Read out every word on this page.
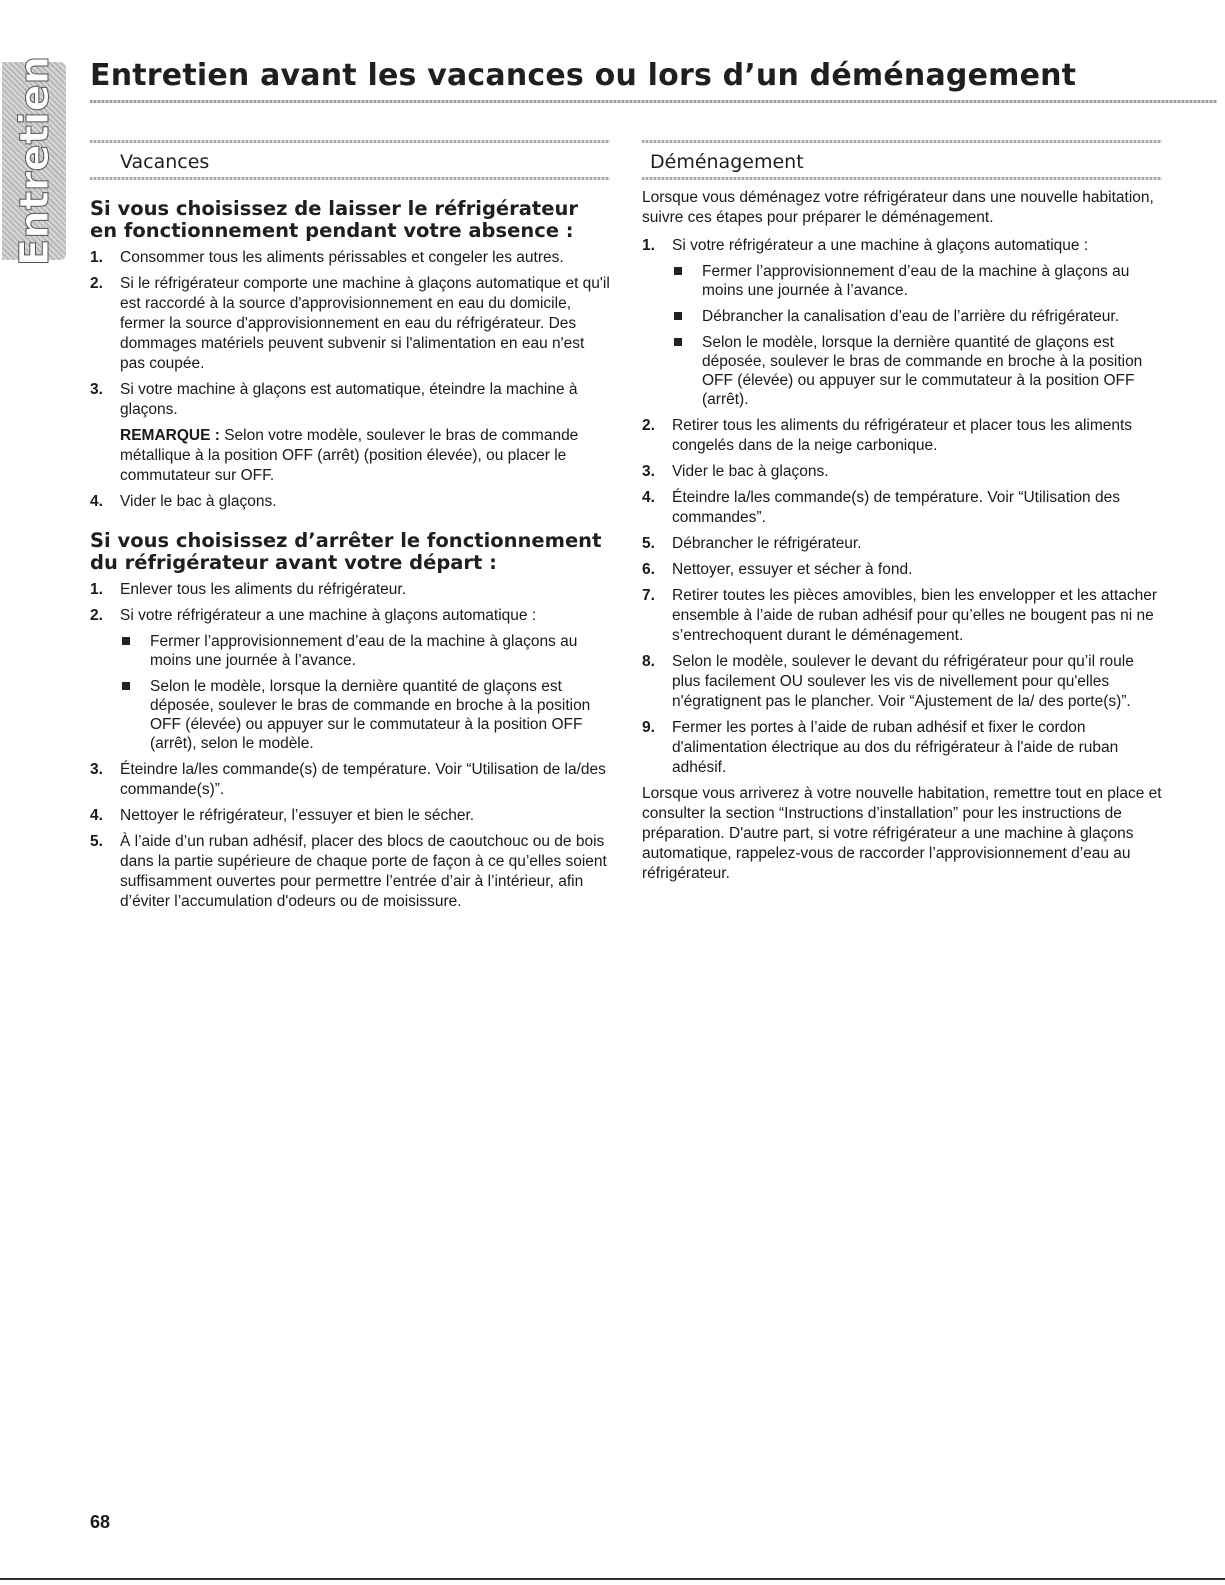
Entretien Entretien avant les vacances ou lors d’un déménagement
Vacances
Si vous choisissez de laisser le réfrigérateur en fonctionnement pendant votre absence :
1. Consommer tous les aliments périssables et congeler les autres.
2. Si le réfrigérateur comporte une machine à glaçons automatique et qu'il est raccordé à la source d'approvisionnement en eau du domicile, fermer la source d'approvisionnement en eau du réfrigérateur. Des dommages matériels peuvent subvenir si l'alimentation en eau n'est pas coupée.
3. Si votre machine à glaçons est automatique, éteindre la machine à glaçons.
REMARQUE : Selon votre modèle, soulever le bras de commande métallique à la position OFF (arrêt) (position élevée), ou placer le commutateur sur OFF.
4. Vider le bac à glaçons.
Si vous choisissez d’arrêter le fonctionnement du réfrigérateur avant votre départ :
1. Enlever tous les aliments du réfrigérateur.
2. Si votre réfrigérateur a une machine à glaçons automatique :
Fermer l’approvisionnement d’eau de la machine à glaçons au moins une journée à l’avance.
Selon le modèle, lorsque la dernière quantité de glaçons est déposée, soulever le bras de commande en broche à la position OFF (élevée) ou appuyer sur le commutateur à la position OFF (arrêt), selon le modèle.
3. Éteindre la/les commande(s) de température. Voir “Utilisation de la/des commande(s)”.
4. Nettoyer le réfrigérateur, l’essuyer et bien le sécher.
5. À l’aide d’un ruban adhésif, placer des blocs de caoutchouc ou de bois dans la partie supérieure de chaque porte de façon à ce qu’elles soient suffisamment ouvertes pour permettre l’entrée d’air à l’intérieur, afin d’éviter l’accumulation d'odeurs ou de moisissure.
Déménagement

Lorsque vous déménagez votre réfrigérateur dans une nouvelle habitation, suivre ces étapes pour préparer le déménagement.

1. Si votre réfrigérateur a une machine à glaçons automatique :
Fermer l’approvisionnement d’eau de la machine à glaçons au moins une journée à l’avance.
Débrancher la canalisation d’eau de l’arrière du réfrigérateur.
Selon le modèle, lorsque la dernière quantité de glaçons est déposée, soulever le bras de commande en broche à la position OFF (élevée) ou appuyer sur le commutateur à la position OFF (arrêt).
2. Retirer tous les aliments du réfrigérateur et placer tous les aliments congelés dans de la neige carbonique.
3. Vider le bac à glaçons.
4. Éteindre la/les commande(s) de température. Voir “Utilisation des commandes”.
5. Débrancher le réfrigérateur.
6. Nettoyer, essuyer et sécher à fond.
7. Retirer toutes les pièces amovibles, bien les envelopper et les attacher ensemble à l’aide de ruban adhésif pour qu’elles ne bougent pas ni ne s’entrechoquent durant le déménagement.
8. Selon le modèle, soulever le devant du réfrigérateur pour qu’il roule plus facilement OU soulever les vis de nivellement pour qu'elles n'égratignent pas le plancher. Voir “Ajustement de la/ des porte(s)”.
9. Fermer les portes à l’aide de ruban adhésif et fixer le cordon d'alimentation électrique au dos du réfrigérateur à l'aide de ruban adhésif.

Lorsque vous arriverez à votre nouvelle habitation, remettre tout en place et consulter la section “Instructions d’installation” pour les instructions de préparation. D'autre part, si votre réfrigérateur a une machine à glaçons automatique, rappelez-vous de raccorder l’approvisionnement d’eau au réfrigérateur.

68
